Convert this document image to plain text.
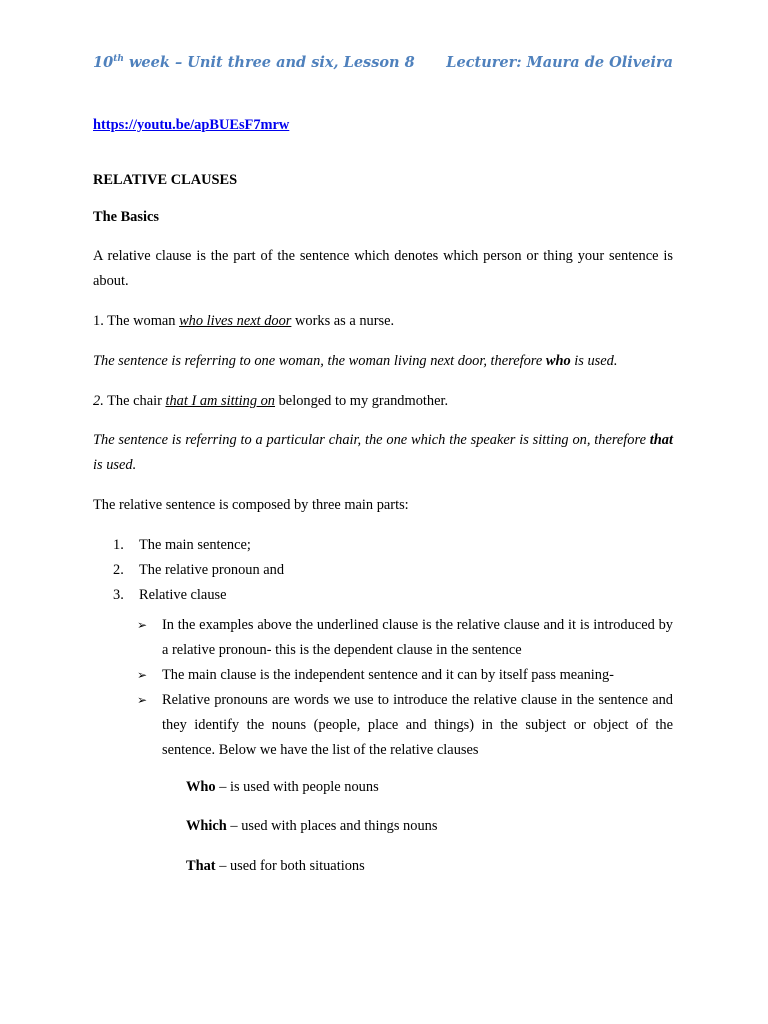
10th week – Unit three and six, Lesson 8 Lecturer: Maura de Oliveira
https://youtu.be/apBUEsF7mrw
RELATIVE CLAUSES
The Basics
A relative clause is the part of the sentence which denotes which person or thing your sentence is about.
1. The woman who lives next door works as a nurse.
The sentence is referring to one woman, the woman living next door, therefore who is used.
2. The chair that I am sitting on belonged to my grandmother.
The sentence is referring to a particular chair, the one which the speaker is sitting on, therefore that is used.
The relative sentence is composed by three main parts:
1.	The main sentence;
2.	The relative pronoun and
3.	Relative clause
➢	In the examples above the underlined clause is the relative clause and it is introduced by a relative pronoun- this is the dependent clause in the sentence
➢	The main clause is the independent sentence and it can by itself pass meaning-
➢	Relative pronouns are words we use to introduce the relative clause in the sentence and they identify the nouns (people, place and things) in the subject or object of the sentence. Below we have the list of the relative clauses
Who – is used with people nouns
Which – used with places and things nouns
That – used for both situations
